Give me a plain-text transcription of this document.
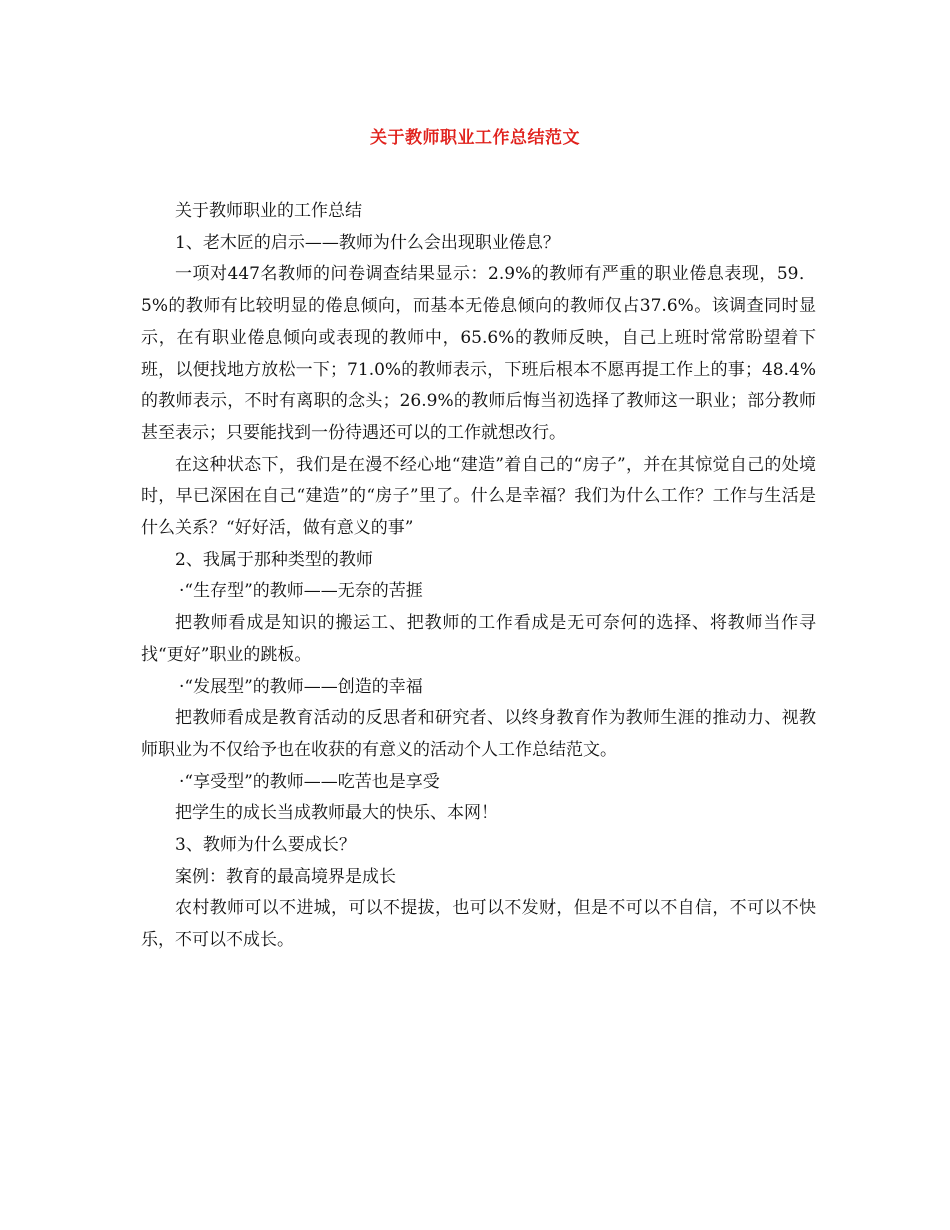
关于教师职业工作总结范文

关于教师职业的工作总结

1、老木匠的启示——教师为什么会出现职业倦息？

一项对447名教师的问卷调查结果显示：2.9%的教师有严重的职业倦息表现，59．5%的教师有比较明显的倦息倾向，而基本无倦息倾向的教师仅占37.6%。该调查同时显示，在有职业倦息倾向或表现的教师中，65.6%的教师反映，自己上班时常常盼望着下班，以便找地方放松一下；71.0%的教师表示，下班后根本不愿再提工作上的事；48.4%的教师表示，不时有离职的念头；26.9%的教师后悔当初选择了教师这一职业；部分教师甚至表示；只要能找到一份待遇还可以的工作就想改行。

在这种状态下，我们是在漫不经心地“建造”着自己的“房子”，并在其惊觉自己的处境时，早已深困在自己“建造”的“房子”里了。什么是幸福？我们为什么工作？工作与生活是什么关系？“好好活，做有意义的事”

2、我属于那种类型的教师

·“生存型”的教师——无奈的苦捱

把教师看成是知识的搬运工、把教师的工作看成是无可奈何的选择、将教师当作寻找“更好”职业的跳板。

·“发展型”的教师——创造的幸福

把教师看成是教育活动的反思者和研究者、以终身教育作为教师生涯的推动力、视教师职业为不仅给予也在收获的有意义的活动个人工作总结范文。

·“享受型”的教师——吃苦也是享受

把学生的成长当成教师最大的快乐、本网！

3、教师为什么要成长？

案例：教育的最高境界是成长

农村教师可以不进城，可以不提拔，也可以不发财，但是不可以不自信，不可以不快乐，不可以不成长。
